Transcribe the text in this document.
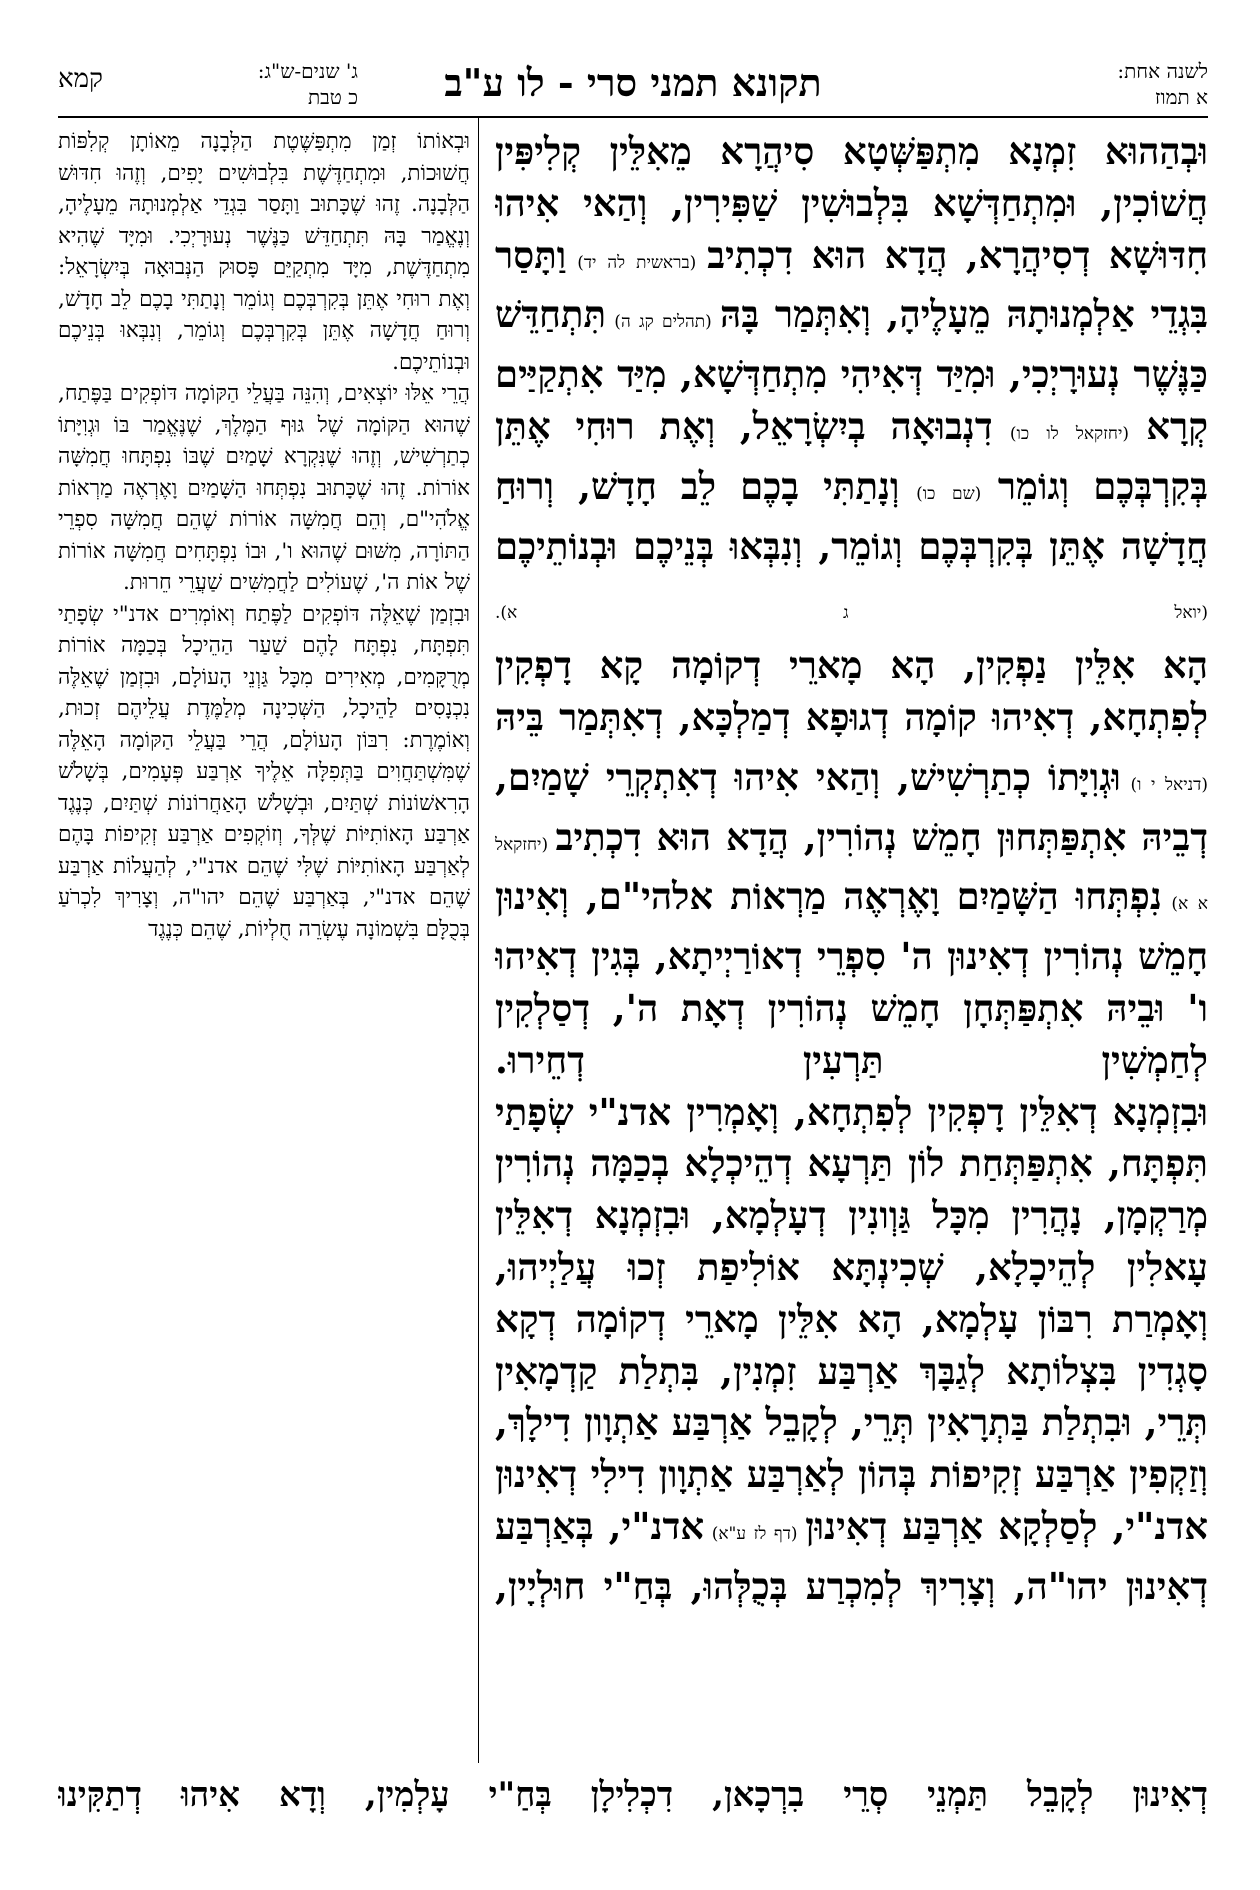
לשנה אחת:
א תמוז
תקונא תמני סרי - לו ע"ב
קמא	ג' שנים-ש"ג:
כ טבת

וּבְהַהוּא זִמְנָא מִתְפַּשְּׁטָא סִיהֲרָא מֵאִלֵּין קְלִיפִּין חֲשׁוֹכִין, וּמִתְחַדְּשָׁא בִּלְבוּשִׁין שַׁפִּירִין, וְהַאי אִיהוּ חִדּוּשָׁא דְסִיהֲרָא, הֲדָא הוּא דִכְתִיב (בראשית לה יד) וַתָּסַר בִּגְדֵי אַלְמְנוּתָהּ מֵעָלֶיהָ, וְאִתְּמַר בָּהּ (תהלים קג ה) תִּתְחַדֵּשׁ כַּנֶּשֶׁר נְעוּרָיְכִי, וּמִיַּד דְּאִיהִי מִתְחַדְּשָׁא, מִיַּד אִתְקַיַּים קְרָא (יחזקאל לו כו) דִנְבוּאָה בְיִשְׂרָאֵל, וְאֶת רוּחִי אֶתֵּן בְּקִרְבְּכֶם וְגוֹמֵר (שם כו) וְנָתַתִּי בָכֶם לֵב חָדָשׁ, וְרוּחַ חֲדָשָׁה אֶתֵּן בְּקִרְבְּכֶם וְגוֹמֵר, וְנִבְּאוּ בְּנֵיכֶם וּבְנוֹתֵיכֶם (יואל ג א).

הָא אִלֵּין נַפְקִין, הָא מָארֵי דְקוֹמָה קָא דָפְקִין לְפִתְחָא, דְאִיהוּ קוֹמָה דְגוּפָא דְמַלְכָּא, דְאִתְּמַר בֵּיהּ (דניאל י ו) וּגְוִיָּתוֹ כְתַרְשִׁישׁ, וְהַאי אִיהוּ דְאִתְקְרֵי שָׁמַיִם, דְבֵיהּ אִתְפַּתְּחוּן חָמֵשׁ נְהוֹרִין, הֲדָא הוּא דִכְתִיב (יחזקאל א א) נִפְתְּחוּ הַשָּׁמַיִם וָאֶרְאֶה מַרְאוֹת אלהי"ם, וְאִינוּן חָמֵשׁ נְהוֹרִין דְאִינוּן ה' סִפְרֵי דְאוֹרַיְיתָא, בְּגִין דְאִיהוּ ו' וּבֵיהּ אִתְפַּתְּחָן חָמֵשׁ נְהוֹרִין דְאָת ה', דְסַלְקִין לְחַמְשִׁין תַּרְעִין דְחֵירוּ.

וּבִזְמְנָא דְאִלֵּין דָפְקִין לְפִתְחָא, וְאָמְרִין אדנ"י שְׂפָתַי תִּפְתָּח, אִתְפַּתְּחַת לוֹן תַּרְעָא דְהֵיכְלָא בְכַמָּה נְהוֹרִין מְרַקְמָן, נָהֲרִין מִכָּל גַּוְונִין דְעָלְמָא, וּבִזְמְנָא דְאִלֵּין עָאלִין לְהֵיכָלָא, שְׁכִינְתָּא אוֹלִיפַת זְכוּ עֲלַיְיהוּ, וְאָמְרַת רִבּוֹן עָלְמָא, הָא אִלֵּין מָארֵי דְקוֹמָה דְקָא סָגְדִין בִּצְלוֹתָא לְגַבָּךְ אַרְבַּע זִמְנִין, בִּתְלַת קַדְמָאִין תְּרֵי, וּבִתְלַת בַּתְרָאִין תְּרֵי, לְקָבֵל אַרְבַּע אַתְוָון דִילָךְ, וְזַקְפִין אַרְבַּע זְקִיפוֹת בְּהוֹן לְאַרְבַּע אַתְוָון דִילִי דְאִינוּן אדנ"י, לְסַלְקָא אַרְבַּע דְאִינוּן (דף לז ע"א) אדנ"י, בְּאַרְבַּע דְאִינוּן יהו"ה, וְצָרִיךְ לְמִכְרַע בְּכֻלְּהוּ, בְּחַ"י חוּלְיָין,

וּבְאוֹתוֹ זְמַן מִתְפַּשֶּׁטֶת הַלְּבָנָה מֵאוֹתָן קְלִפּוֹת חֲשׁוּכוֹת, וּמִתְחַדֶּשֶׁת בִּלְבוּשִׁים יָפִים, וְזֶהוּ חִדּוּשׁ הַלְּבָנָה. זֶהוּ שֶׁכָּתוּב וַתָּסַר בִּגְדֵי אַלְמְנוּתָהּ מֵעָלֶיהָ, וְנֶאֱמַר בָּהּ תִּתְחַדֵּשׁ כַּנֶּשֶׁר נְעוּרָיְכִי. וּמִיָּד שֶׁהִיא מִתְחַדֶּשֶׁת, מִיָּד מִתְקַיֵּם פָּסוּק הַנְּבוּאָה בְּיִשְׂרָאֵל: וְאֶת רוּחִי אֶתֵּן בְּקִרְבְּכֶם וְגוֹמֵר וְנָתַתִּי בָכֶם לֵב חָדָשׁ, וְרוּחַ חֲדָשָׁה אֶתֵּן בְּקִרְבְּכֶם וְגוֹמֵר, וְנִבְּאוּ בְּנֵיכֶם וּבְנוֹתֵיכֶם.

הֲרֵי אֵלּוּ יוֹצְאִים, וְהִנֵּה בַּעֲלֵי הַקּוֹמָה דּוֹפְקִים בַּפֶּתַח, שֶׁהוּא הַקּוֹמָה שֶׁל גּוּף הַמֶּלֶךְ, שֶׁנֶּאֱמַר בּוֹ וּגְוִיָּתוֹ כְתַרְשִׁישׁ, וְזֶהוּ שֶׁנִּקְרָא שָׁמַיִם שֶׁבּוֹ נִפְתָּחוּ חֲמִשָּׁה אוֹרוֹת. זֶהוּ שֶׁכָּתוּב נִפְתְּחוּ הַשָּׁמַיִם וָאֶרְאֶה מַרְאוֹת אֱלֹהִי"ם, וְהֵם חֲמִשָּׁה אוֹרוֹת שֶׁהֵם חֲמִשָּׁה סִפְרֵי הַתּוֹרָה, מִשּׁוּם שֶׁהוּא ו', וּבוֹ נִפְתָּחִים חֲמִשָּׁה אוֹרוֹת שֶׁל אוֹת ה', שֶׁעוֹלִים לַחֲמִשִּׁים שַׁעֲרֵי חֵרוּת.

וּבִזְמַן שֶׁאֵלֶּה דּוֹפְקִים לַפֶּתַח וְאוֹמְרִים אדנ"י שְׂפָתַי תִּפְתָּח, נִפְתָּח לָהֶם שַׁעַר הַהֵיכָל בְּכַמָּה אוֹרוֹת מְרֻקָּמִים, מְאִירִים מִכָּל גַּוְנֵי הָעוֹלָם, וּבִזְמַן שֶׁאֵלֶּה נִכְנָסִים לַהֵיכָל, הַשְּׁכִינָה מְלַמֶּדֶת עֲלֵיהֶם זְכוּת, וְאוֹמֶרֶת: רִבּוֹן הָעוֹלָם, הֲרֵי בַּעֲלֵי הַקּוֹמָה הָאֵלֶּה שֶׁמִּשְׁתַּחֲוִים בַּתְּפִלָּה אֵלֶיךָ אַרְבַּע פְּעָמִים, בְּשָׁלֹשׁ הָרִאשׁוֹנוֹת שְׁתַּיִם, וּבְשָׁלֹשׁ הָאַחֲרוֹנוֹת שְׁתַּיִם, כְּנֶגֶד אַרְבַּע הָאוֹתִיּוֹת שֶׁלְּךָ, וְזוֹקְפִים אַרְבַּע זְקִיפוֹת בָּהֶם לְאַרְבַּע הָאוֹתִיּוֹת שֶׁלִּי שֶׁהֵם אדנ"י, לְהַעֲלוֹת אַרְבַּע שֶׁהֵם אדנ"י, בְּאַרְבַּע שֶׁהֵם יהו"ה, וְצָרִיךְ לִכְרֹעַ בְּכֻלָּם בִּשְׁמוֹנָה עֶשְׂרֵה חֻלְיוֹת, שֶׁהֵם כְּנֶגֶד

דְאִינוּן לְקָבֵל תַּמְנֵי סְרֵי בִרְכָאן, דִכְלִילָן בְּחַ"י עָלְמִין, וְדָא אִיהוּ דְתַקִּינוּ
